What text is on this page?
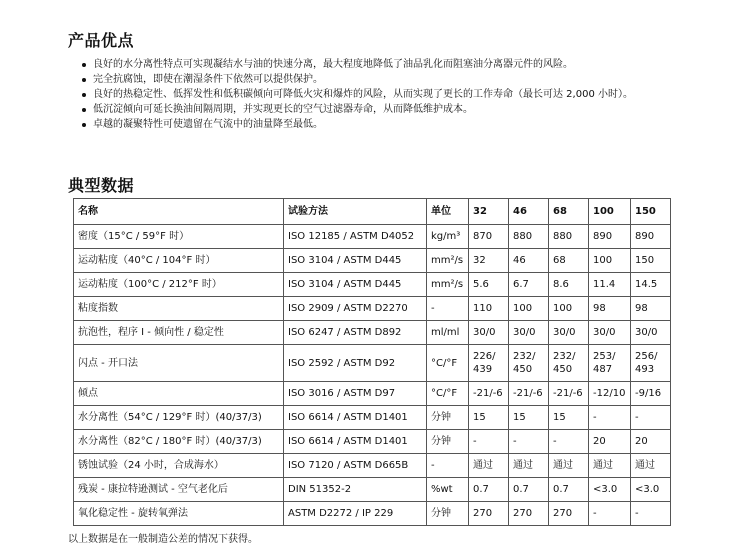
产品优点
良好的水分离性特点可实现凝结水与油的快速分离，最大程度地降低了油品乳化而阻塞油分离器元件的风险。
完全抗腐蚀，即使在潮湿条件下依然可以提供保护。
良好的热稳定性、低挥发性和低积碳倾向可降低火灾和爆炸的风险，从而实现了更长的工作寿命（最长可达 2,000 小时）。
低沉淀倾向可延长换油间隔周期，并实现更长的空气过滤器寿命，从而降低维护成本。
卓越的凝聚特性可使遗留在气流中的油量降至最低。
典型数据
名称	试验方法	单位	32	46	68	100	150
密度（15°C / 59°F 时）	ISO 12185 / ASTM D4052	kg/m³	870	880	880	890	890
运动粘度（40°C / 104°F 时）	ISO 3104 / ASTM D445	mm²/s	32	46	68	100	150
运动粘度（100°C / 212°F 时）	ISO 3104 / ASTM D445	mm²/s	5.6	6.7	8.6	11.4	14.5
粘度指数	ISO 2909 / ASTM D2270	-	110	100	100	98	98
抗泡性，程序 I - 倾向性 / 稳定性	ISO 6247 / ASTM D892	ml/ml	30/0	30/0	30/0	30/0	30/0
闪点 - 开口法	ISO 2592 / ASTM D92	°C/°F	226/ 439	232/ 450	232/ 450	253/ 487	256/ 493
倾点	ISO 3016 / ASTM D97	°C/°F	-21/-6	-21/-6	-21/-6	-12/10	-9/16
水分离性（54°C / 129°F 时）(40/37/3)	ISO 6614 / ASTM D1401	分钟	15	15	15	-	-
水分离性（82°C / 180°F 时）(40/37/3)	ISO 6614 / ASTM D1401	分钟	-	-	-	20	20
锈蚀试验（24 小时，合成海水）	ISO 7120 / ASTM D665B	-	通过	通过	通过	通过	通过
残炭 - 康拉特逊测试 - 空气老化后	DIN 51352-2	%wt	0.7	0.7	0.7	<3.0	<3.0
氧化稳定性 - 旋转氧弹法	ASTM D2272 / IP 229	分钟	270	270	270	-	-
以上数据是在一般制造公差的情况下获得。
